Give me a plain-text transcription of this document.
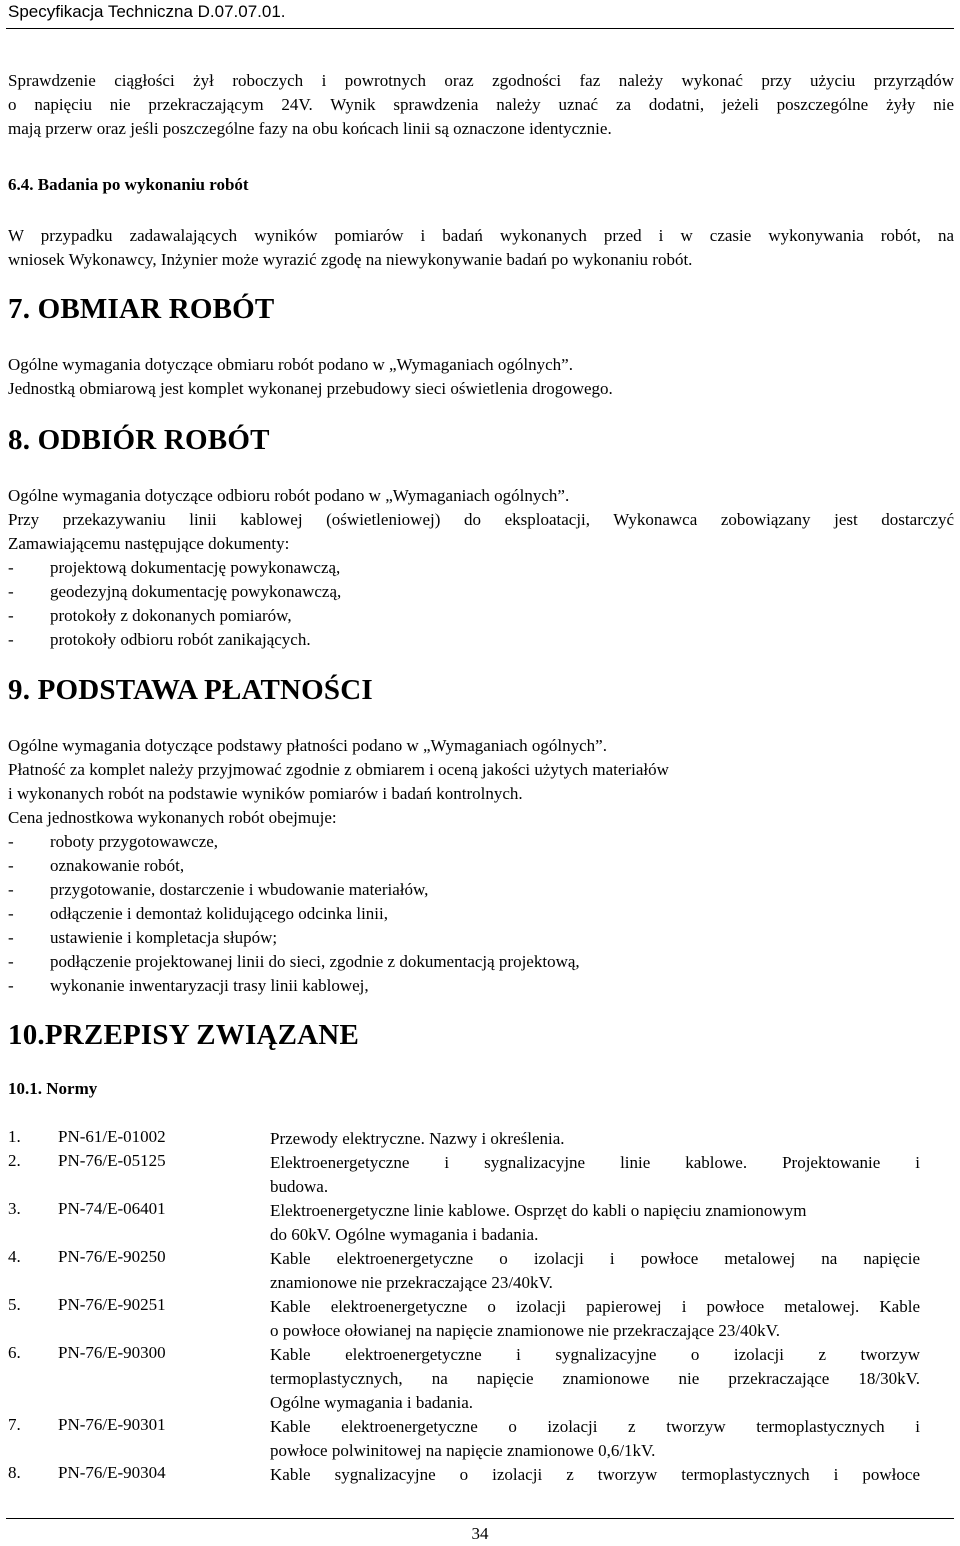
Specyfikacja Techniczna D.07.07.01.
Sprawdzenie ciągłości żył roboczych i powrotnych oraz zgodności faz należy wykonać przy użyciu przyrządów
o napięciu nie przekraczającym 24V. Wynik sprawdzenia należy uznać za dodatni, jeżeli poszczególne żyły nie
mają przerw oraz jeśli poszczególne fazy na obu końcach linii są oznaczone identycznie.
6.4. Badania po wykonaniu robót
W przypadku zadawalających wyników pomiarów i badań wykonanych przed i w czasie wykonywania robót, na
wniosek Wykonawcy, Inżynier może wyrazić zgodę na niewykonywanie badań po wykonaniu robót.
7. OBMIAR ROBÓT
Ogólne wymagania dotyczące obmiaru robót podano w „Wymaganiach ogólnych”.
Jednostką obmiarową jest komplet wykonanej przebudowy sieci oświetlenia drogowego.
8. ODBIÓR ROBÓT
Ogólne wymagania dotyczące odbioru robót podano w „Wymaganiach ogólnych”.
Przy przekazywaniu linii kablowej (oświetleniowej) do eksploatacji, Wykonawca zobowiązany jest dostarczyć
Zamawiającemu następujące dokumenty:
- projektową dokumentację powykonawczą,
- geodezyjną dokumentację powykonawczą,
- protokoły z dokonanych pomiarów,
- protokoły odbioru robót zanikających.
9. PODSTAWA PŁATNOŚCI
Ogólne wymagania dotyczące podstawy płatności podano w „Wymaganiach ogólnych”.
Płatność za komplet należy przyjmować zgodnie z obmiarem i oceną jakości użytych materiałów
i wykonanych robót na podstawie wyników pomiarów i badań kontrolnych.
Cena jednostkowa wykonanych robót obejmuje:
- roboty przygotowawcze,
- oznakowanie robót,
- przygotowanie, dostarczenie i wbudowanie materiałów,
- odłączenie i demontaż kolidującego odcinka linii,
- ustawienie i kompletacja słupów;
- podłączenie projektowanej linii do sieci, zgodnie z dokumentacją projektową,
- wykonanie inwentaryzacji trasy linii kablowej,
10.PRZEPISY ZWIĄZANE
10.1. Normy
1. PN-61/E-01002	Przewody elektryczne. Nazwy i określenia.
2. PN-76/E-05125	Elektroenergetyczne i sygnalizacyjne linie kablowe. Projektowanie i
budowa.
3. PN-74/E-06401	Elektroenergetyczne linie kablowe. Osprzęt do kabli o napięciu znamionowym
do 60kV. Ogólne wymagania i badania.
4. PN-76/E-90250	Kable elektroenergetyczne o izolacji i powłoce metalowej na napięcie
znamionowe nie przekraczające 23/40kV.
5. PN-76/E-90251	Kable elektroenergetyczne o izolacji papierowej i powłoce metalowej. Kable
o powłoce ołowianej na napięcie znamionowe nie przekraczające 23/40kV.
6. PN-76/E-90300	Kable elektroenergetyczne i sygnalizacyjne o izolacji z tworzyw
termoplastycznych, na napięcie znamionowe nie przekraczające 18/30kV.
Ogólne wymagania i badania.
7. PN-76/E-90301	Kable elektroenergetyczne o izolacji z tworzyw termoplastycznych i
powłoce polwinitowej na napięcie znamionowe 0,6/1kV.
8. PN-76/E-90304	Kable sygnalizacyjne o izolacji z tworzyw termoplastycznych i powłoce
34
